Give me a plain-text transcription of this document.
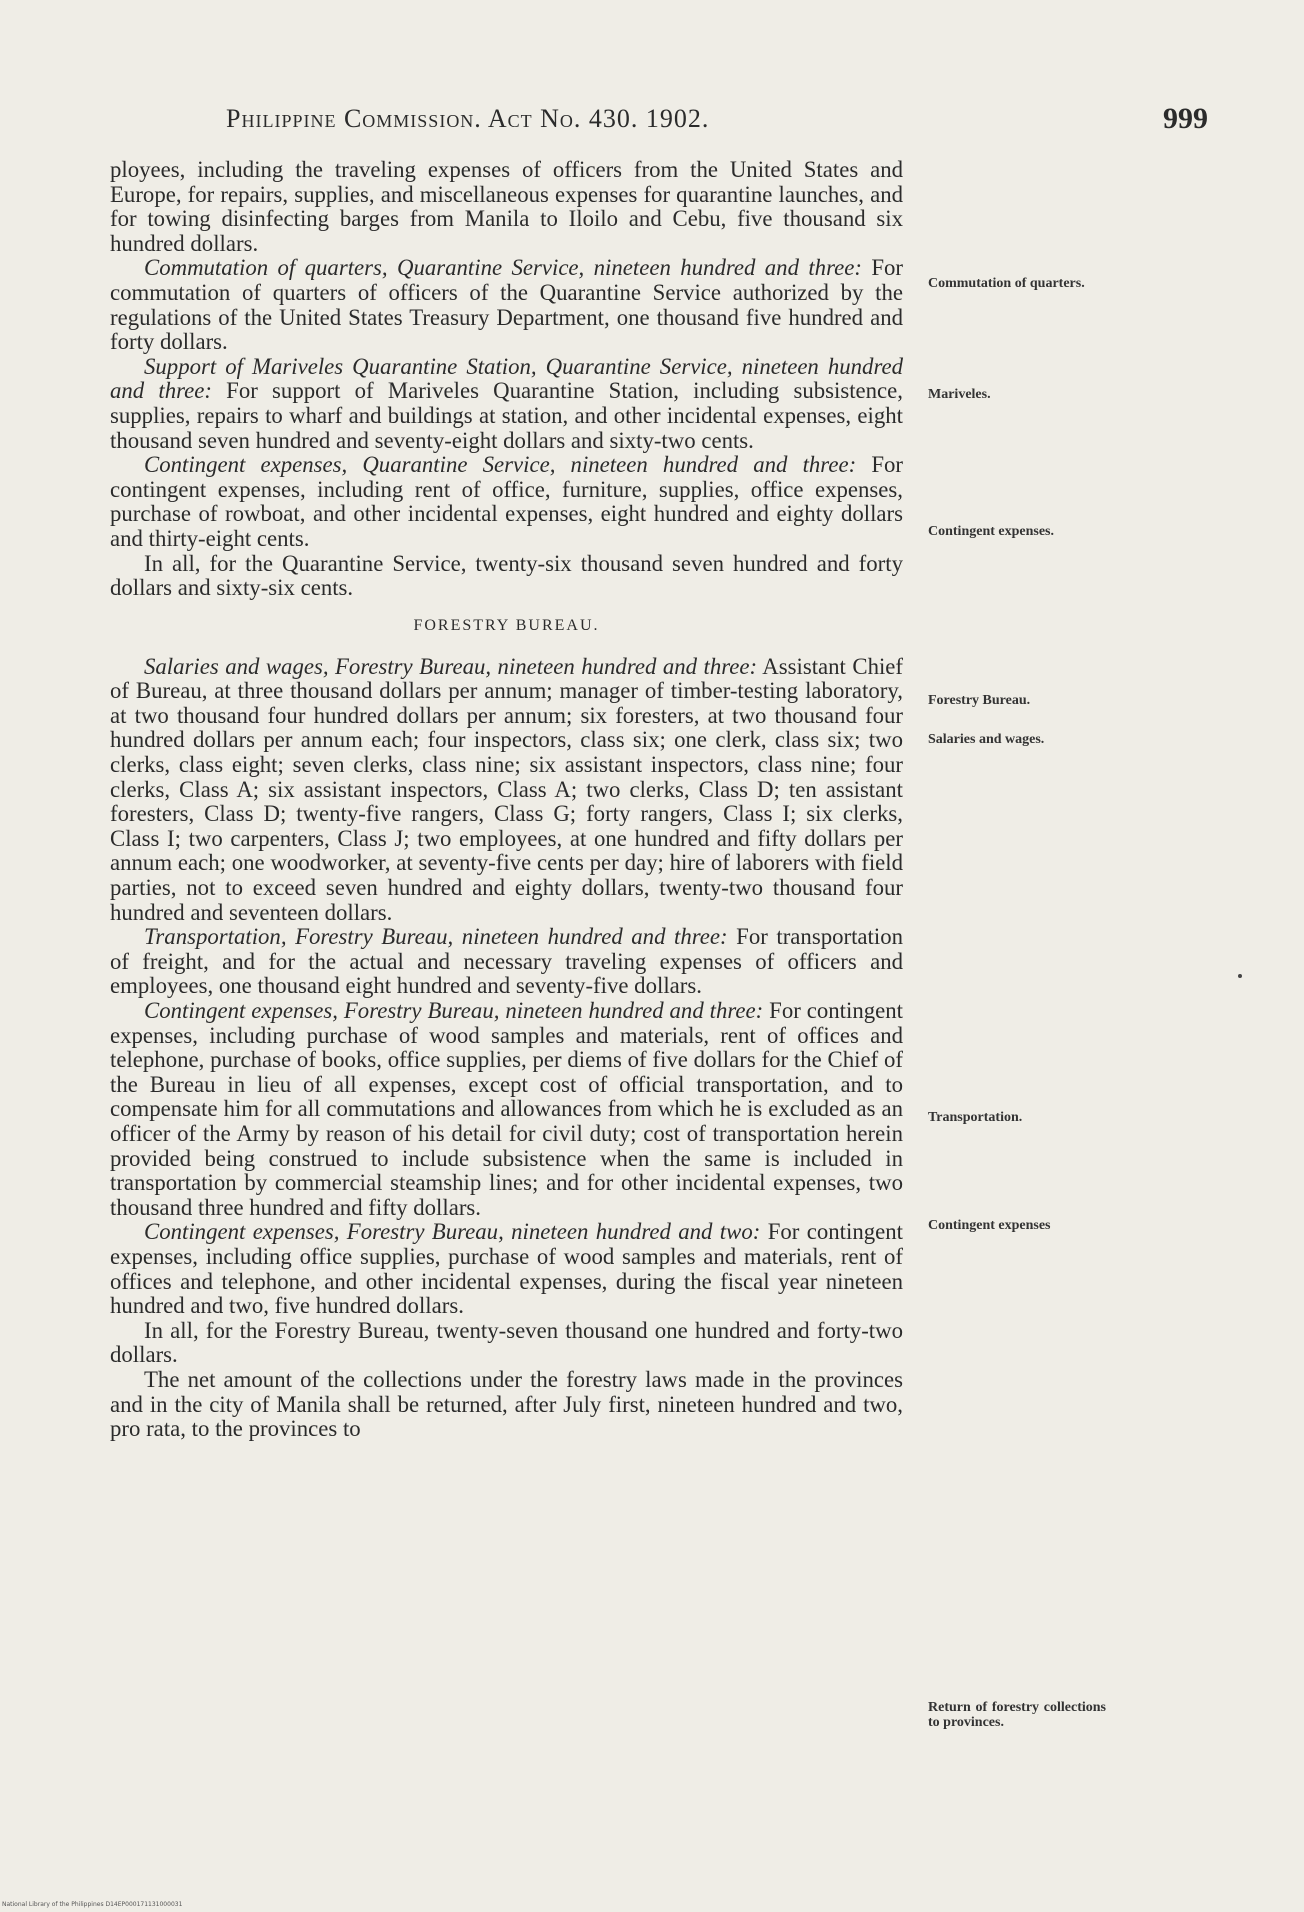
Philippine Commission. Act No. 430. 1902.	999

ployees, including the traveling expenses of officers from the United States and Europe, for repairs, supplies, and miscellaneous expenses for quarantine launches, and for towing disinfecting barges from Manila to Iloilo and Cebu, five thousand six hundred dollars.

Commutation of quarters, Quarantine Service, nineteen hundred and three: For commutation of quarters of officers of the Quarantine Service authorized by the regulations of the United States Treasury Department, one thousand five hundred and forty dollars.

Support of Mariveles Quarantine Station, Quarantine Service, nineteen hundred and three: For support of Mariveles Quarantine Station, including subsistence, supplies, repairs to wharf and buildings at station, and other incidental expenses, eight thousand seven hundred and seventy-eight dollars and sixty-two cents.

Contingent expenses, Quarantine Service, nineteen hundred and three: For contingent expenses, including rent of office, furniture, supplies, office expenses, purchase of rowboat, and other incidental expenses, eight hundred and eighty dollars and thirty-eight cents.

In all, for the Quarantine Service, twenty-six thousand seven hundred and forty dollars and sixty-six cents.

FORESTRY BUREAU.

Salaries and wages, Forestry Bureau, nineteen hundred and three: Assistant Chief of Bureau, at three thousand dollars per annum; manager of timber-testing laboratory, at two thousand four hundred dollars per annum; six foresters, at two thousand four hundred dollars per annum each; four inspectors, class six; one clerk, class six; two clerks, class eight; seven clerks, class nine; six assistant inspectors, class nine; four clerks, Class A; six assistant inspectors, Class A; two clerks, Class D; ten assistant foresters, Class D; twenty-five rangers, Class G; forty rangers, Class I; six clerks, Class I; two carpenters, Class J; two employees, at one hundred and fifty dollars per annum each; one woodworker, at seventy-five cents per day; hire of laborers with field parties, not to exceed seven hundred and eighty dollars, twenty-two thousand four hundred and seventeen dollars.

Transportation, Forestry Bureau, nineteen hundred and three: For transportation of freight, and for the actual and necessary traveling expenses of officers and employees, one thousand eight hundred and seventy-five dollars.

Contingent expenses, Forestry Bureau, nineteen hundred and three: For contingent expenses, including purchase of wood samples and materials, rent of offices and telephone, purchase of books, office supplies, per diems of five dollars for the Chief of the Bureau in lieu of all expenses, except cost of official transportation, and to compensate him for all commutations and allowances from which he is excluded as an officer of the Army by reason of his detail for civil duty; cost of transportation herein provided being construed to include subsistence when the same is included in transportation by commercial steamship lines; and for other incidental expenses, two thousand three hundred and fifty dollars.

Contingent expenses, Forestry Bureau, nineteen hundred and two: For contingent expenses, including office supplies, purchase of wood samples and materials, rent of offices and telephone, and other incidental expenses, during the fiscal year nineteen hundred and two, five hundred dollars.

In all, for the Forestry Bureau, twenty-seven thousand one hundred and forty-two dollars.

The net amount of the collections under the forestry laws made in the provinces and in the city of Manila shall be returned, after July first, nineteen hundred and two, pro rata, to the provinces to

Commutation of quarters.
Mariveles.
Contingent expenses.
Forestry Bureau.
Salaries and wages.
Transportation.
Contingent expenses
Return of forestry collections to provinces.
National Library of the Philippines D14EP000171131000031
